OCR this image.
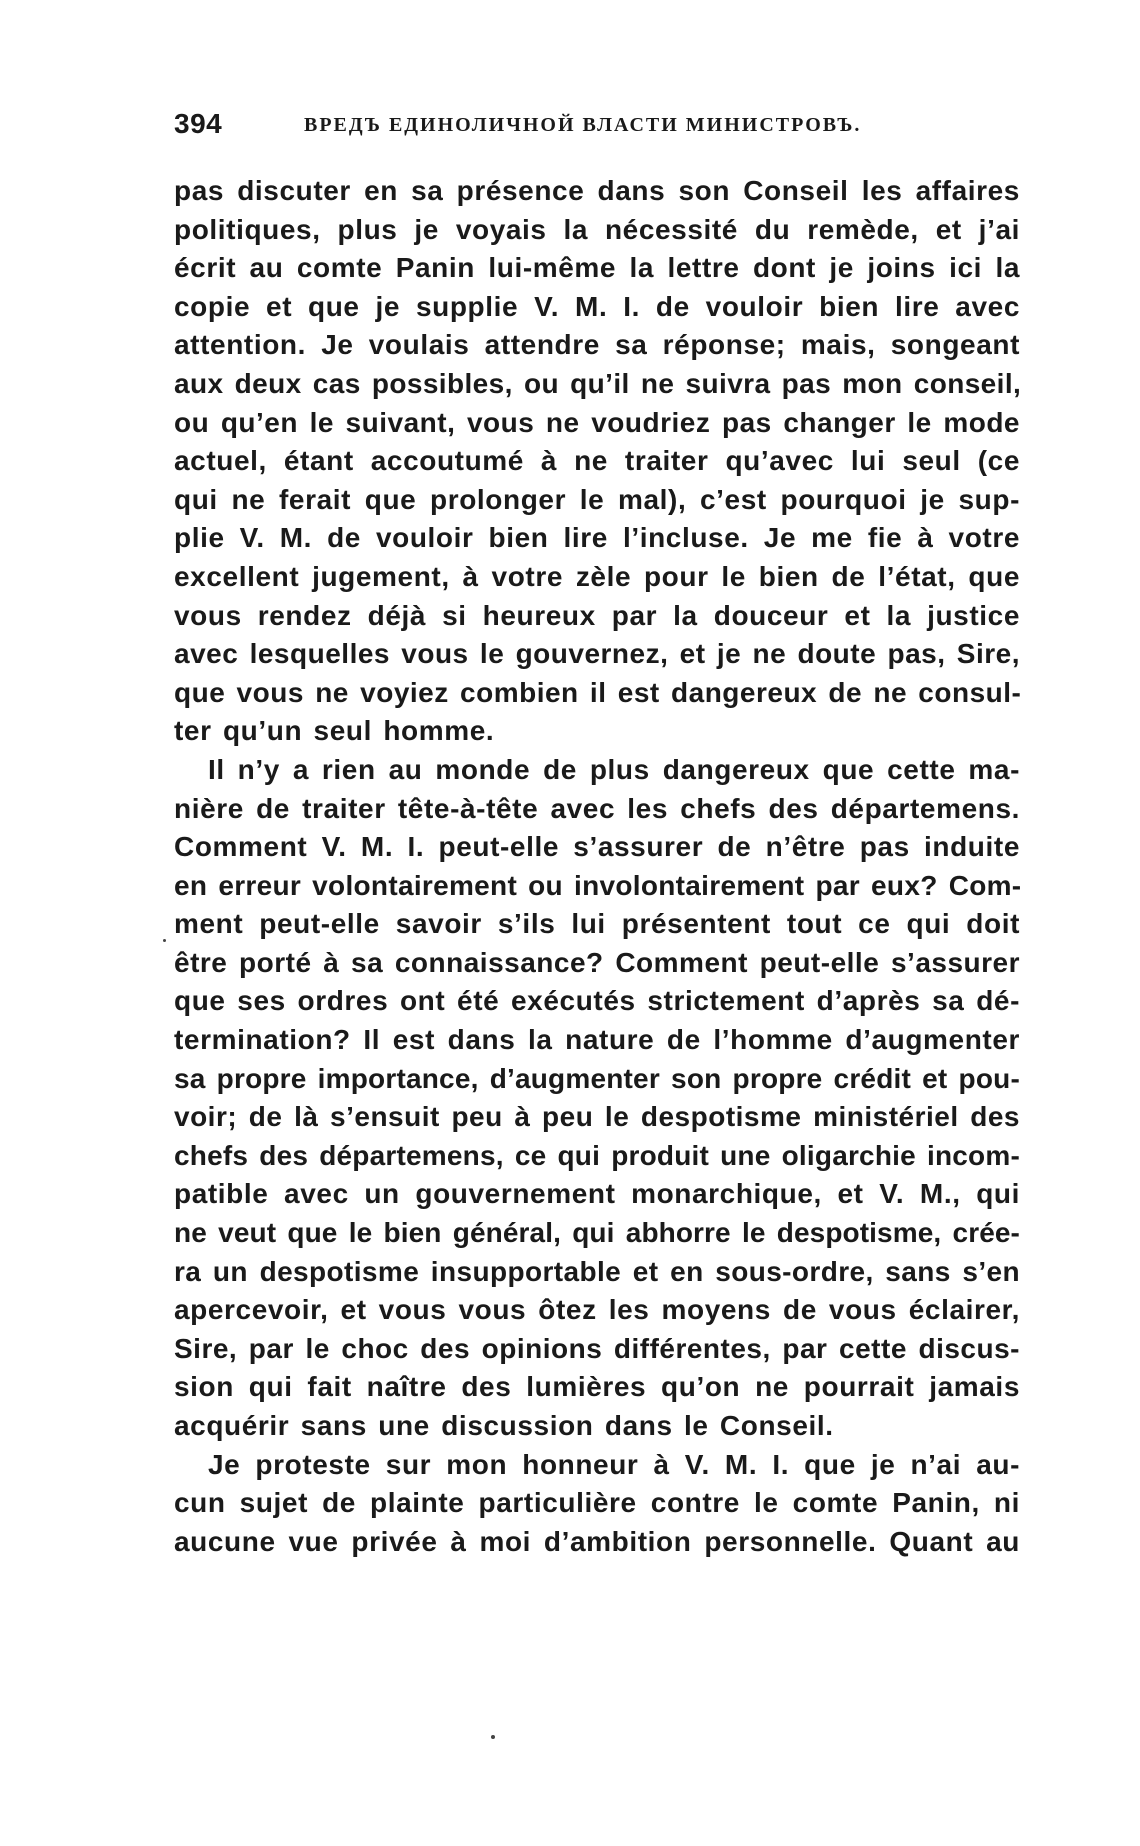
394	ВРЕДЪ ЕДИНОЛИЧНОЙ ВЛАСТИ МИНИСТРОВЪ.
pas discuter en sa présence dans son Conseil les affaires
politiques, plus je voyais la nécessité du remède, et j’ai
écrit au comte Panin lui-même la lettre dont je joins ici la
copie et que je supplie V. M. I. de vouloir bien lire avec
attention. Je voulais attendre sa réponse; mais, songeant
aux deux cas possibles, ou qu’il ne suivra pas mon conseil,
ou qu’en le suivant, vous ne voudriez pas changer le mode
actuel, étant accoutumé à ne traiter qu’avec lui seul (ce
qui ne ferait que prolonger le mal), c’est pourquoi je sup-
plie V. M. de vouloir bien lire l’incluse. Je me fie à votre
excellent jugement, à votre zèle pour le bien de l’état, que
vous rendez déjà si heureux par la douceur et la justice
avec lesquelles vous le gouvernez, et je ne doute pas, Sire,
que vous ne voyiez combien il est dangereux de ne consul-
ter qu’un seul homme.
Il n’y a rien au monde de plus dangereux que cette ma-
nière de traiter tête-à-tête avec les chefs des départemens.
Comment V. M. I. peut-elle s’assurer de n’être pas induite
en erreur volontairement ou involontairement par eux? Com-
ment peut-elle savoir s’ils lui présentent tout ce qui doit
être porté à sa connaissance? Comment peut-elle s’assurer
que ses ordres ont été exécutés strictement d’après sa dé-
termination? Il est dans la nature de l’homme d’augmenter
sa propre importance, d’augmenter son propre crédit et pou-
voir; de là s’ensuit peu à peu le despotisme ministériel des
chefs des départemens, ce qui produit une oligarchie incom-
patible avec un gouvernement monarchique, et V. M., qui
ne veut que le bien général, qui abhorre le despotisme, crée-
ra un despotisme insupportable et en sous-ordre, sans s’en
apercevoir, et vous vous ôtez les moyens de vous éclairer,
Sire, par le choc des opinions différentes, par cette discus-
sion qui fait naître des lumières qu’on ne pourrait jamais
acquérir sans une discussion dans le Conseil.
Je proteste sur mon honneur à V. M. I. que je n’ai au-
cun sujet de plainte particulière contre le comte Panin, ni
aucune vue privée à moi d’ambition personnelle. Quant au
